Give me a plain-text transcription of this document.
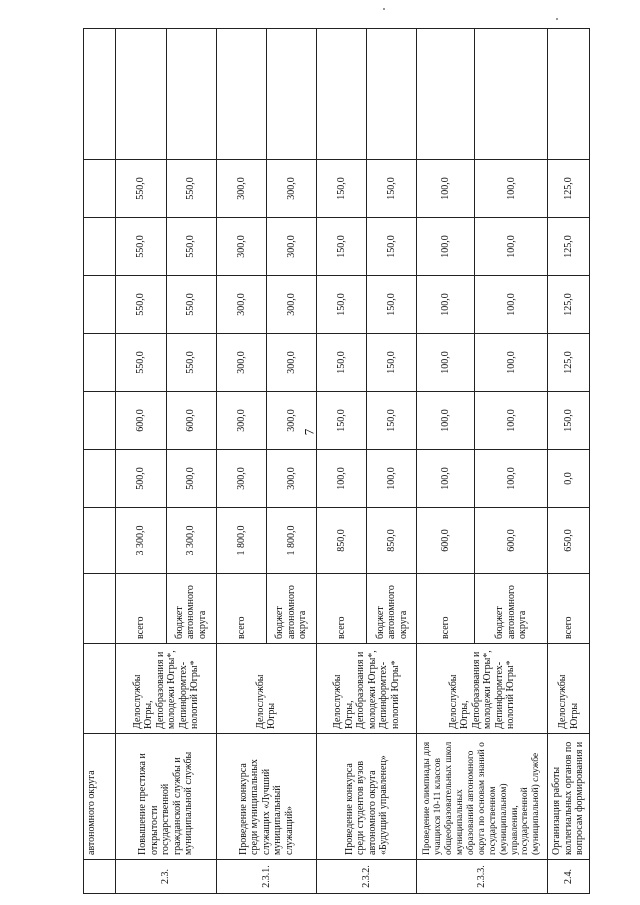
7
	автономного округа										
2.3.	Повышение престижа и открытости государственной гражданской службы и муниципальной службы	Делослужбы Югры, Депобразования и молодежи Югры*, Депинформтех-нологий Югры*	всего	3 300,0	500,0	600,0	550,0	550,0	550,0	550,0	
			бюджет автономного округа	3 300,0	500,0	600,0	550,0	550,0	550,0	550,0	
2.3.1.	Проведение конкурса среди муниципальных служащих «Лучший муниципальный служащий»	Делослужбы Югры	всего	1 800,0	300,0	300,0	300,0	300,0	300,0	300,0	
			бюджет автономного округа	1 800,0	300,0	300,0	300,0	300,0	300,0	300,0	
2.3.2.	Проведение конкурса среди студентов вузов автономного округа «Будущий управленец»	Делослужбы Югры, Депобразования и молодежи Югры*, Депинформтех-нологий Югры*	всего	850,0	100,0	150,0	150,0	150,0	150,0	150,0	
			бюджет автономного округа	850,0	100,0	150,0	150,0	150,0	150,0	150,0	
2.3.3.	Проведение олимпиады для учащихся 10-11 классов общеобразовательных школ муниципальных образований автономного округа по основам знаний о государственном (муниципальном) управлении, государственной (муниципальной) службе	Делослужбы Югры, Депобразования и молодежи Югры*, Депинформтех-нологий Югры*	всего	600,0	100,0	100,0	100,0	100,0	100,0	100,0	
			бюджет автономного округа	600,0	100,0	100,0	100,0	100,0	100,0	100,0	
2.4.	Организация работы коллегиальных органов по вопросам формирования и	Делослужбы Югры	всего	650,0	0,0	150,0	125,0	125,0	125,0	125,0	
